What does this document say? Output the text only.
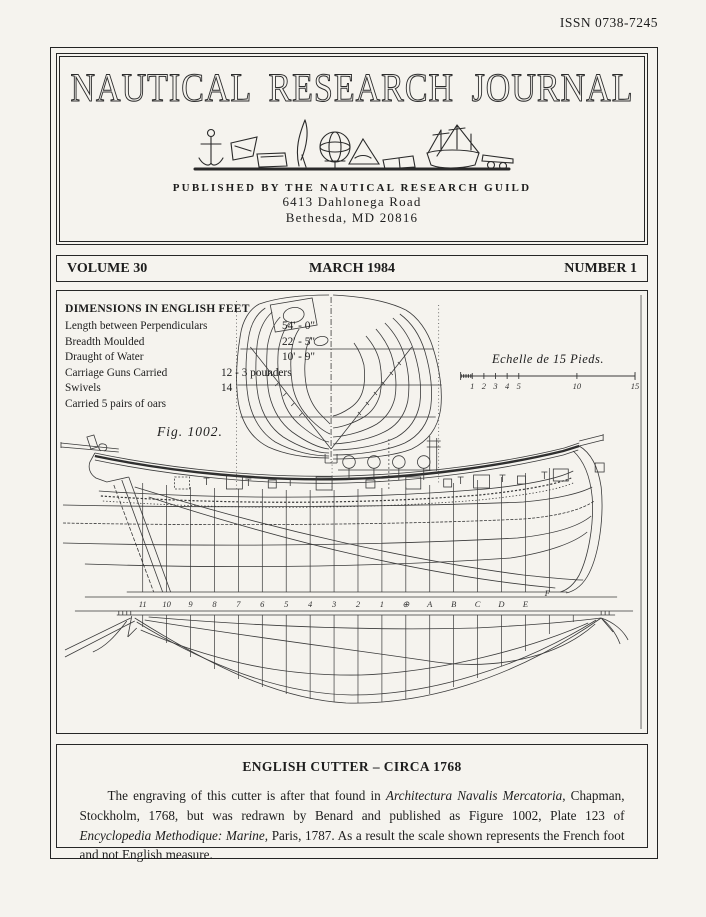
ISSN 0738-7245
NAUTICAL RESEARCH JOURNAL
PUBLISHED BY THE NAUTICAL RESEARCH GUILD
6413 Dahlonega Road
Bethesda, MD 20816
VOLUME 30	MARCH 1984	NUMBER 1
1 2 3 4 5	10	15
11 10 9 8 7 6 5 4 3 2 1 ⊕ A B C D E
F
DIMENSIONS IN ENGLISH FEET
Length between Perpendiculars	54' - 0"
Breadth Moulded	22' - 5"
Draught of Water	10' - 9"
Carriage Guns Carried	12 - 3 pounders
Swivels	14
Carried 5 pairs of oars
Fig. 1002.
Echelle de 15 Pieds.
ENGLISH CUTTER – CIRCA 1768

The engraving of this cutter is after that found in Architectura Navalis Mercatoria, Chapman, Stockholm, 1768, but was redrawn by Benard and published as Figure 1002, Plate 123 of Encyclopedia Methodique: Marine, Paris, 1787. As a result the scale shown represents the French foot and not English measure.
